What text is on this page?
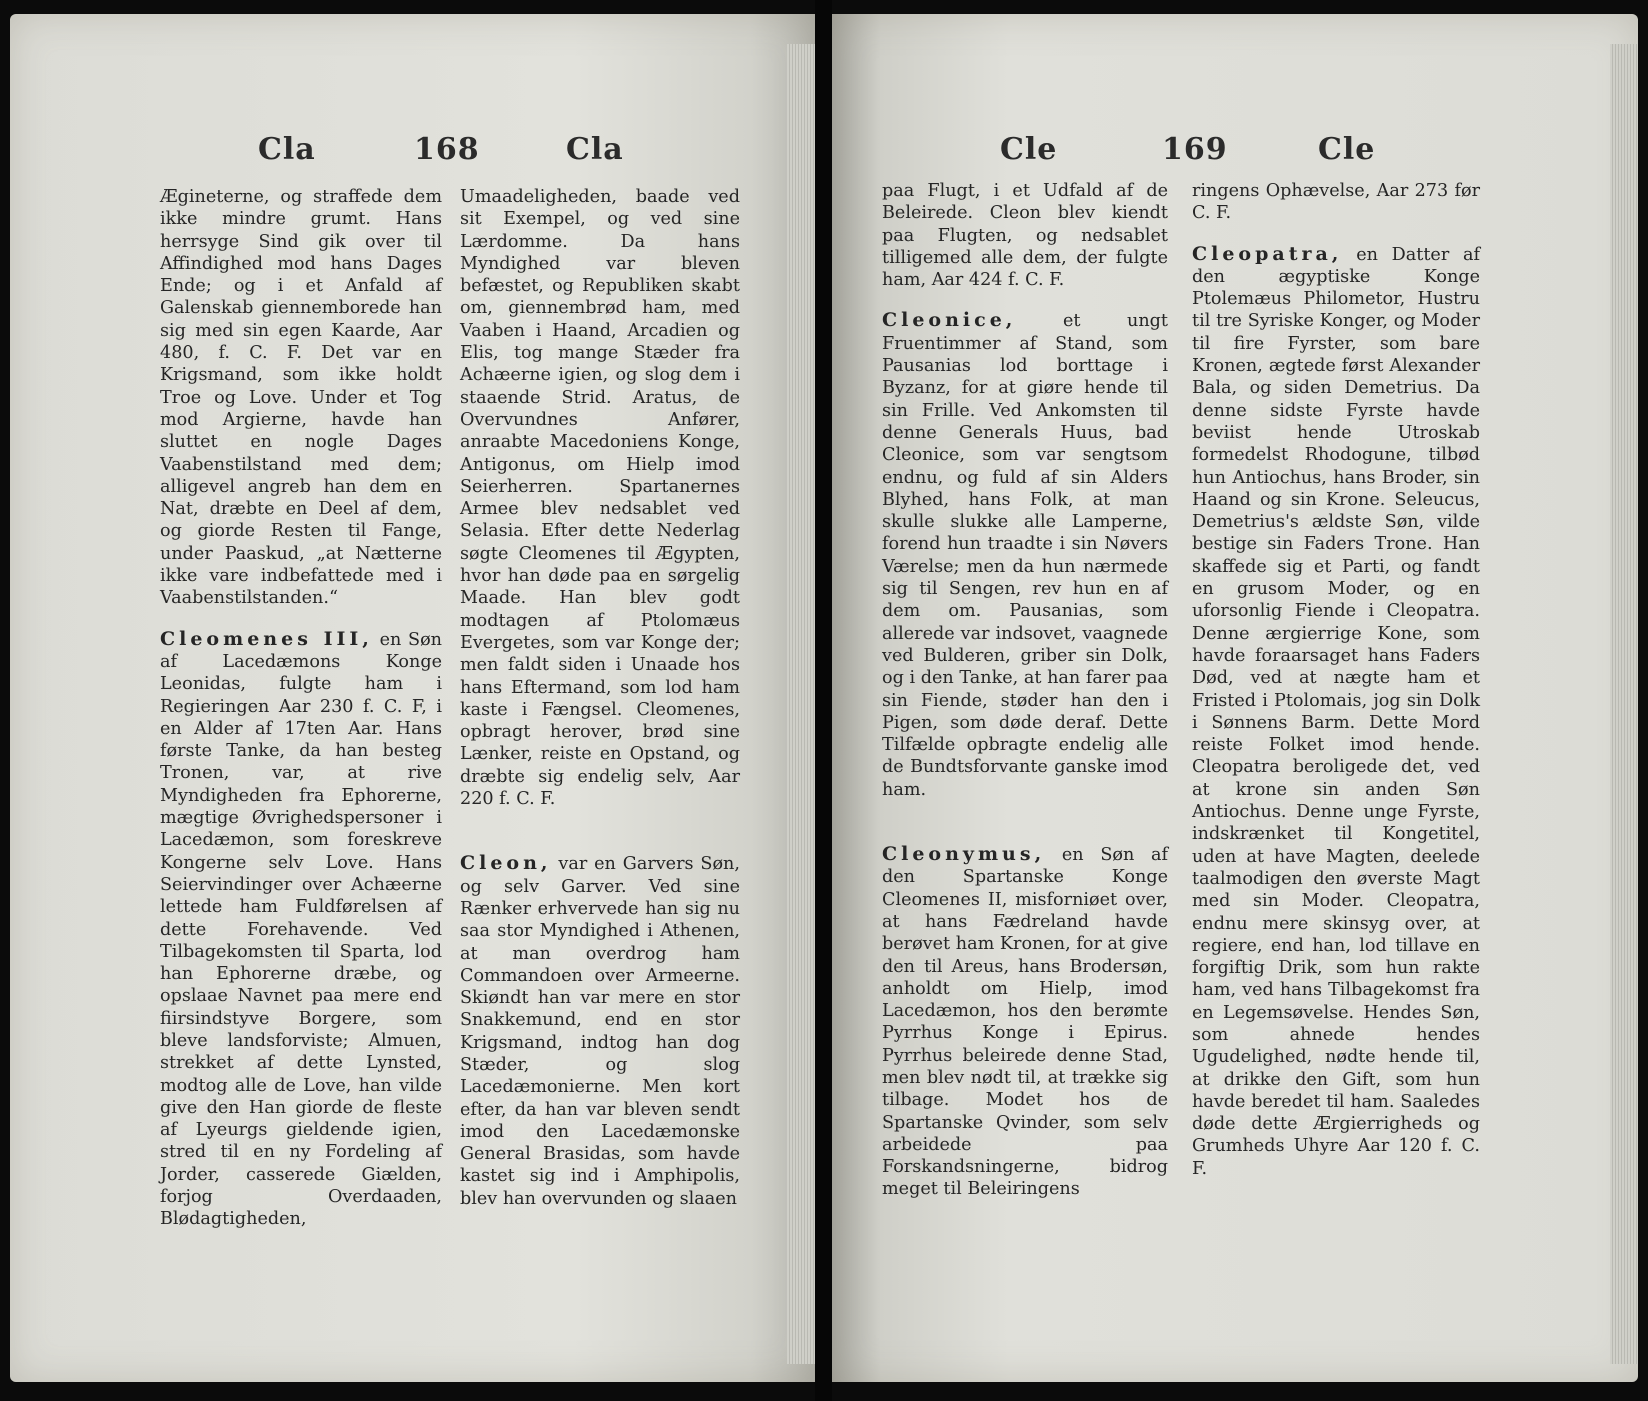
Cla	168	Cla

Ægineterne, og straffede dem ikke mindre grumt. Hans herrsyge Sind gik over til Affindighed mod hans Dages Ende; og i et Anfald af Galenskab giennemborede han sig med sin egen Kaarde, Aar 480, f. C. F. Det var en Krigsmand, som ikke holdt Troe og Love. Under et Tog mod Argierne, havde han sluttet en nogle Dages Vaabenstilstand med dem; alligevel angreb han dem en Nat, dræbte en Deel af dem, og giorde Resten til Fange, under Paaskud, „at Nætterne ikke vare indbefattede med i Vaabenstilstanden.“

Cleomenes III, en Søn af Lacedæmons Konge Leonidas, fulgte ham i Regieringen Aar 230 f. C. F, i en Alder af 17ten Aar. Hans første Tanke, da han besteg Tronen, var, at rive Myndigheden fra Ephorerne, mægtige Øvrighedspersoner i Lacedæmon, som foreskreve Kongerne selv Love. Hans Seiervindinger over Achæerne lettede ham Fuldførelsen af dette Forehavende. Ved Tilbagekomsten til Sparta, lod han Ephorerne dræbe, og opslaae Navnet paa mere end fiirsindstyve Borgere, som bleve landsforviste; Almuen, strekket af dette Lynsted, modtog alle de Love, han vilde give den Han giorde de fleste af Lyeurgs gieldende igien, stred til en ny Fordeling af Jorder, casserede Giælden, forjog Overdaaden, Blødagtigheden,

Umaadeligheden, baade ved sit Exempel, og ved sine Lærdomme. Da hans Myndighed var bleven befæstet, og Republiken skabt om, giennembrød ham, med Vaaben i Haand, Arcadien og Elis, tog mange Stæder fra Achæerne igien, og slog dem i staaende Strid. Aratus, de Overvundnes Anfører, anraabte Macedoniens Konge, Antigonus, om Hielp imod Seierherren. Spartanernes Armee blev nedsablet ved Selasia. Efter dette Nederlag søgte Cleomenes til Ægypten, hvor han døde paa en sørgelig Maade. Han blev godt modtagen af Ptolomæus Evergetes, som var Konge der; men faldt siden i Unaade hos hans Eftermand, som lod ham kaste i Fængsel. Cleomenes, opbragt herover, brød sine Lænker, reiste en Opstand, og dræbte sig endelig selv, Aar 220 f. C. F.

Cleon, var en Garvers Søn, og selv Garver. Ved sine Rænker erhvervede han sig nu saa stor Myndighed i Athenen, at man overdrog ham Commandoen over Armeerne. Skiøndt han var mere en stor Snakkemund, end en stor Krigsmand, indtog han dog Stæder, og slog Lacedæmonierne. Men kort efter, da han var bleven sendt imod den Lacedæmonske General Brasidas, som havde kastet sig ind i Amphipolis, blev han overvunden og slaaen

Cle	169	Cle

paa Flugt, i et Udfald af de Beleirede. Cleon blev kiendt paa Flugten, og nedsablet tilligemed alle dem, der fulgte ham, Aar 424 f. C. F.

Cleonice,	et ungt Fruentimmer af Stand, som Pausanias lod borttage i Byzanz, for at giøre hende til sin Frille. Ved Ankomsten til denne Generals Huus, bad Cleonice, som var sengtsom endnu, og fuld af sin Alders Blyhed, hans Folk, at man skulle slukke alle Lamperne, forend hun traadte i sin Nøvers Værelse; men da hun nærmede sig til Sengen, rev hun en af dem om. Pausanias, som allerede var indsovet, vaagnede ved Bulderen, griber sin Dolk, og i den Tanke, at han farer paa sin Fiende, støder han den i Pigen, som døde deraf. Dette Tilfælde opbragte endelig alle de Bundtsforvante ganske imod ham.

Cleonymus, en Søn af den Spartanske Konge Cleomenes II, misforniøet over, at hans Fædreland havde berøvet ham Kronen, for at give den til Areus, hans Brodersøn, anholdt om Hielp, imod Lacedæmon, hos den berømte Pyrrhus Konge i Epirus. Pyrrhus beleirede denne Stad, men blev nødt til, at trække sig tilbage. Modet hos de Spartanske Qvinder, som selv arbeidede paa Forskandsningerne, bidrog meget til Beleiringens

ringens Ophævelse, Aar 273 før C. F.

Cleopatra, en Datter af den ægyptiske Konge Ptolemæus Philometor, Hustru til tre Syriske Konger, og Moder til fire Fyrster, som bare Kronen, ægtede først Alexander Bala, og siden Demetrius. Da denne sidste Fyrste havde beviist hende Utroskab formedelst Rhodogune, tilbød hun Antiochus, hans Broder, sin Haand og sin Krone. Seleucus, Demetrius's ældste Søn, vilde bestige sin Faders Trone. Han skaffede sig et Parti, og fandt en grusom Moder, og en uforsonlig Fiende i Cleopatra. Denne ærgierrige Kone, som havde foraarsaget hans Faders Død, ved at nægte ham et Fristed i Ptolomais, jog sin Dolk i Sønnens Barm. Dette Mord reiste Folket imod hende. Cleopatra beroligede det, ved at krone sin anden Søn Antiochus. Denne unge Fyrste, indskrænket til Kongetitel, uden at have Magten, deelede taalmodigen den øverste Magt med sin Moder. Cleopatra, endnu mere skinsyg over, at regiere, end han, lod tillave en forgiftig Drik, som hun rakte ham, ved hans Tilbagekomst fra en Legemsøvelse. Hendes Søn, som ahnede hendes Ugudelighed, nødte hende til, at drikke den Gift, som hun havde beredet til ham. Saaledes døde dette Ærgierrigheds og Grumheds Uhyre Aar 120 f. C. F.
